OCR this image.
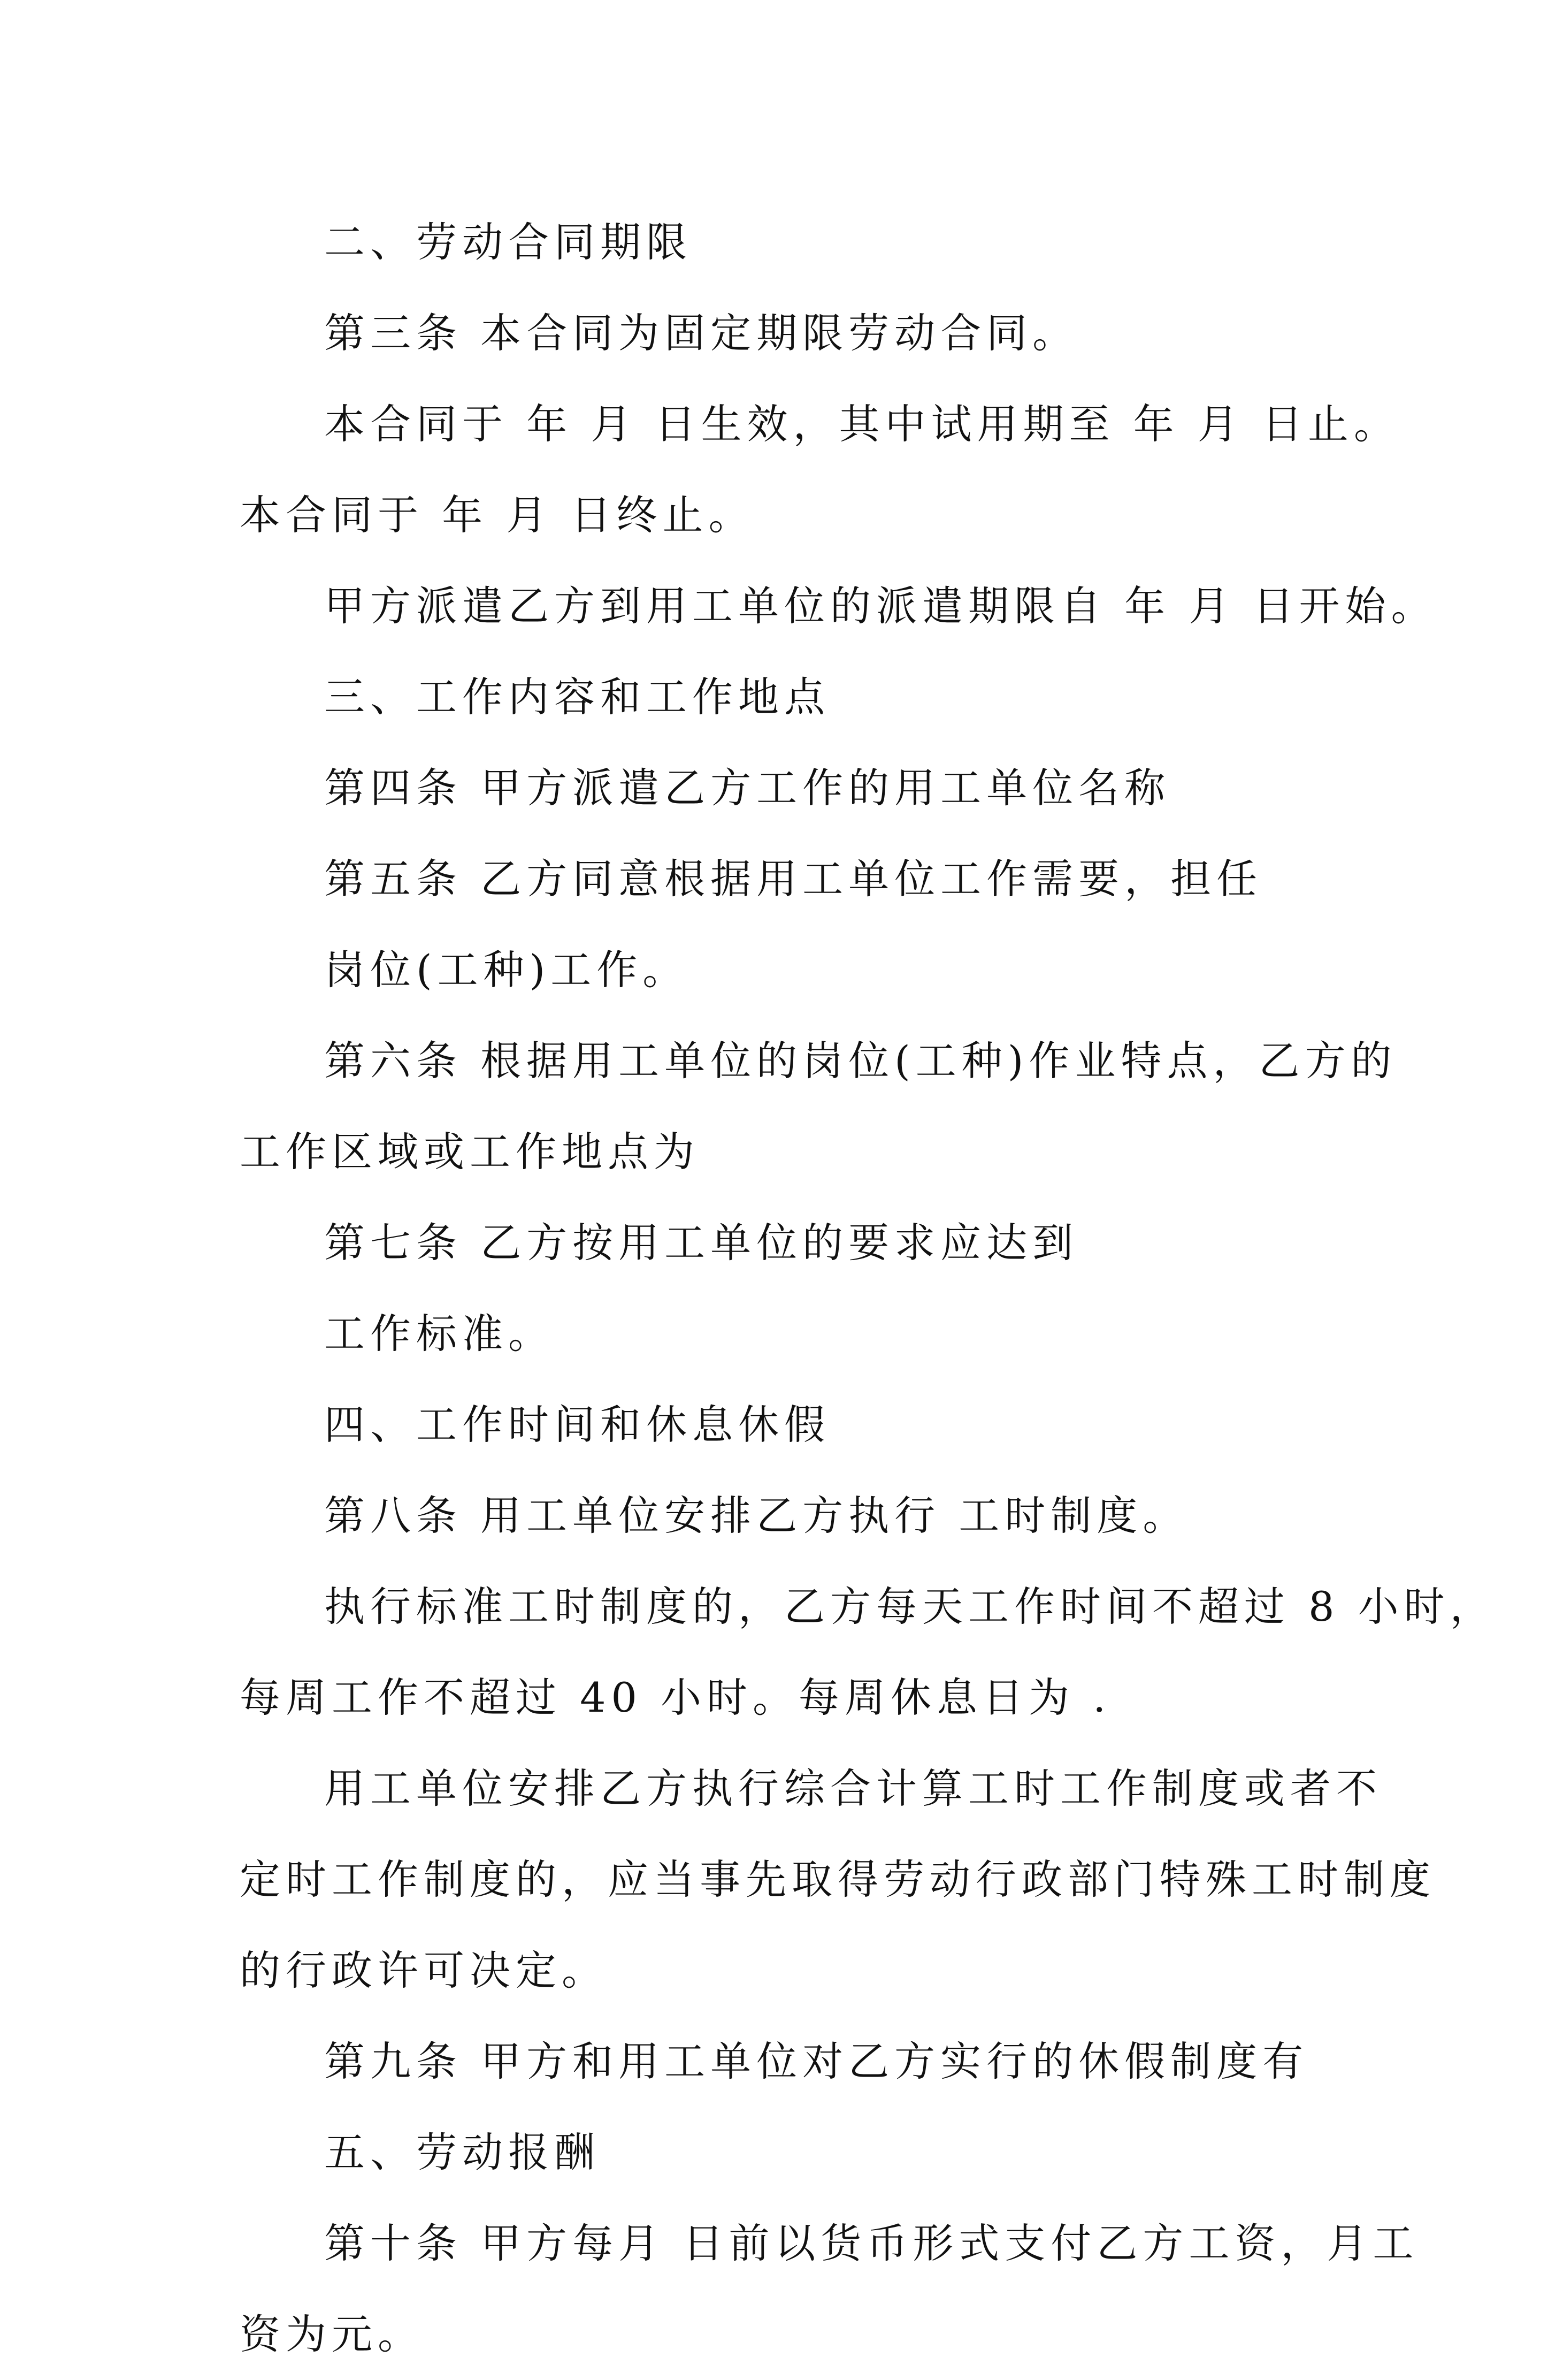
二、劳动合同期限

第三条 本合同为固定期限劳动合同。

本合同于 年 月 日生效，其中试用期至 年 月 日止。

本合同于 年 月 日终止。

甲方派遣乙方到用工单位的派遣期限自 年 月 日开始。

三、工作内容和工作地点

第四条 甲方派遣乙方工作的用工单位名称

第五条 乙方同意根据用工单位工作需要，担任

岗位(工种)工作。

第六条 根据用工单位的岗位(工种)作业特点，乙方的

工作区域或工作地点为

第七条 乙方按用工单位的要求应达到

工作标准。

四、工作时间和休息休假

第八条 用工单位安排乙方执行 工时制度。

执行标准工时制度的，乙方每天工作时间不超过 8 小时，

每周工作不超过 40 小时。每周休息日为 .

用工单位安排乙方执行综合计算工时工作制度或者不

定时工作制度的，应当事先取得劳动行政部门特殊工时制度

的行政许可决定。

第九条 甲方和用工单位对乙方实行的休假制度有

五、劳动报酬

第十条 甲方每月 日前以货币形式支付乙方工资，月工

资为元。
